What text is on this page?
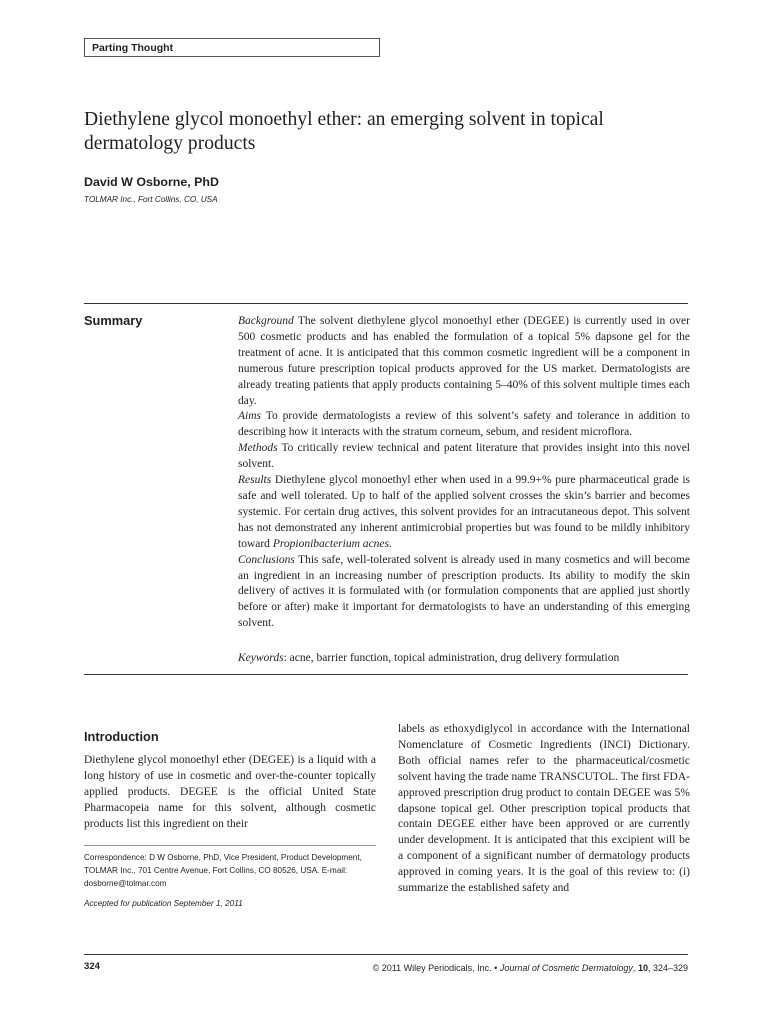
Parting Thought
Diethylene glycol monoethyl ether: an emerging solvent in topical dermatology products
David W Osborne, PhD
TOLMAR Inc., Fort Collins, CO, USA
Summary	Background The solvent diethylene glycol monoethyl ether (DEGEE) is currently used in over 500 cosmetic products and has enabled the formulation of a topical 5% dapsone gel for the treatment of acne. It is anticipated that this common cosmetic ingredient will be a component in numerous future prescription topical products approved for the US market. Dermatologists are already treating patients that apply products containing 5–40% of this solvent multiple times each day.

Aims To provide dermatologists a review of this solvent’s safety and tolerance in addition to describing how it interacts with the stratum corneum, sebum, and resident microflora.

Methods To critically review technical and patent literature that provides insight into this novel solvent.

Results Diethylene glycol monoethyl ether when used in a 99.9+% pure pharmaceutical grade is safe and well tolerated. Up to half of the applied solvent crosses the skin’s barrier and becomes systemic. For certain drug actives, this solvent provides for an intracutaneous depot. This solvent has not demonstrated any inherent antimicrobial properties but was found to be mildly inhibitory toward Propionibacterium acnes.

Conclusions This safe, well-tolerated solvent is already used in many cosmetics and will become an ingredient in an increasing number of prescription products. Its ability to modify the skin delivery of actives it is formulated with (or formulation components that are applied just shortly before or after) make it important for dermatologists to have an understanding of this emerging solvent.

Keywords: acne, barrier function, topical administration, drug delivery formulation
Introduction

Diethylene glycol monoethyl ether (DEGEE) is a liquid with a long history of use in cosmetic and over-the-counter topically applied products. DEGEE is the official United State Pharmacopeia name for this solvent, although cosmetic products list this ingredient on their

Correspondence: D W Osborne, PhD, Vice President, Product Development, TOLMAR Inc., 701 Centre Avenue, Fort Collins, CO 80526, USA. E-mail: dosborne@tolmar.com

Accepted for publication September 1, 2011

labels as ethoxydiglycol in accordance with the International Nomenclature of Cosmetic Ingredients (INCI) Dictionary. Both official names refer to the pharmaceutical/cosmetic solvent having the trade name TRANSCUTOL. The first FDA-approved prescription drug product to contain DEGEE was 5% dapsone topical gel. Other prescription topical products that contain DEGEE either have been approved or are currently under development. It is anticipated that this excipient will be a component of a significant number of dermatology products approved in coming years. It is the goal of this review to: (i) summarize the established safety and

324	© 2011 Wiley Periodicals, Inc. • Journal of Cosmetic Dermatology, 10, 324–329
